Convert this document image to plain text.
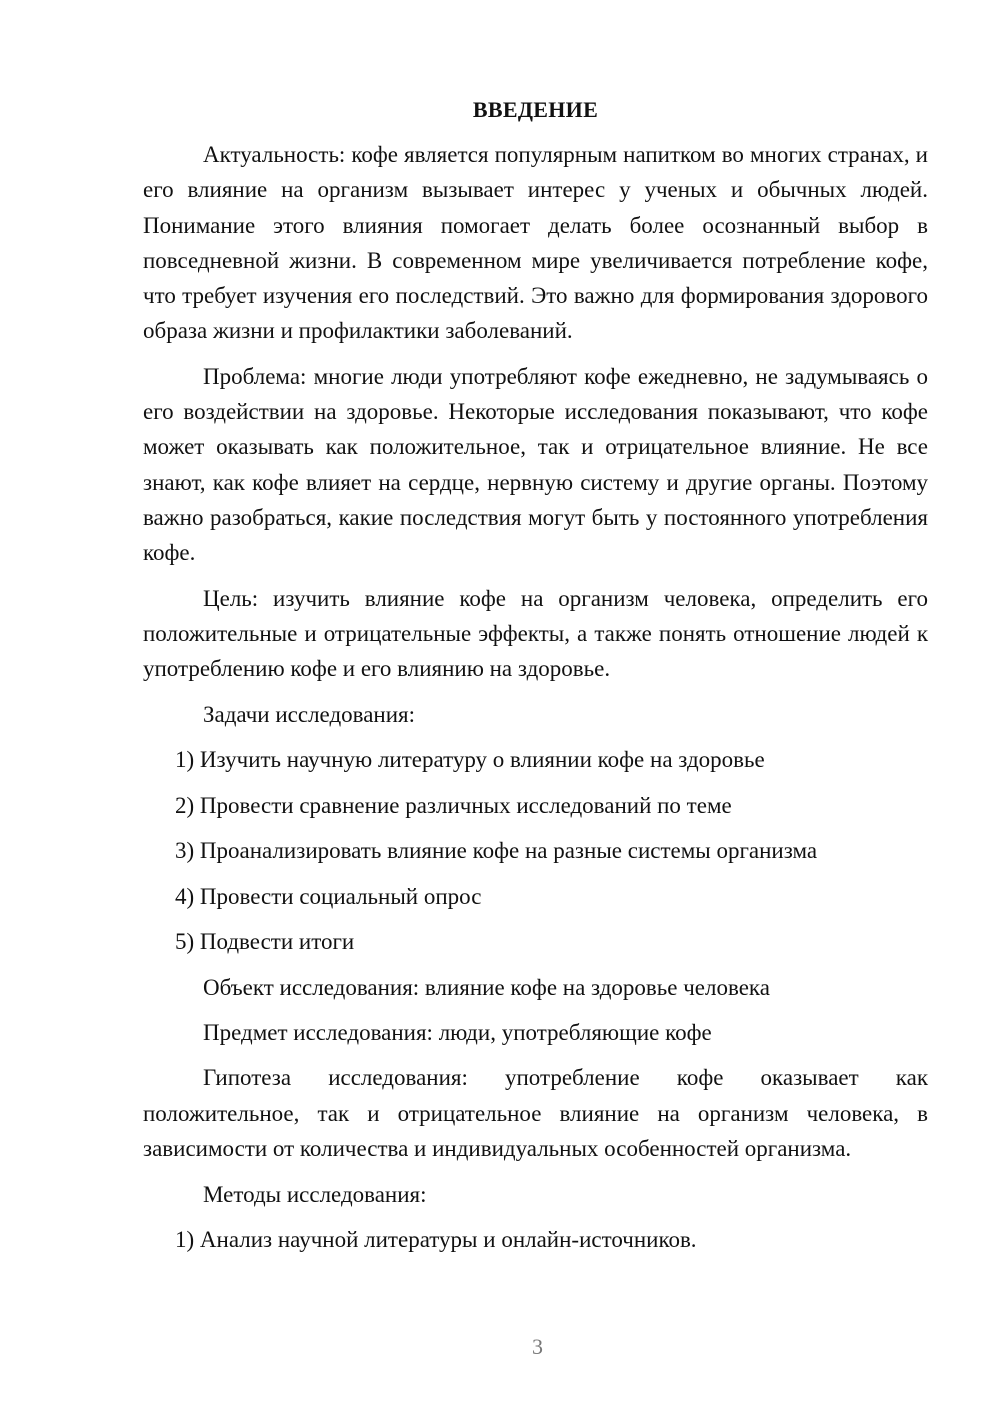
ВВЕДЕНИЕ

Актуальность: кофе является популярным напитком во многих странах, и его влияние на организм вызывает интерес у ученых и обычных людей. Понимание этого влияния помогает делать более осознанный выбор в повседневной жизни. В современном мире увеличивается потребление кофе, что требует изучения его последствий. Это важно для формирования здорового образа жизни и профилактики заболеваний.

Проблема: многие люди употребляют кофе ежедневно, не задумываясь о его воздействии на здоровье. Некоторые исследования показывают, что кофе может оказывать как положительное, так и отрицательное влияние. Не все знают, как кофе влияет на сердце, нервную систему и другие органы. Поэтому важно разобраться, какие последствия могут быть у постоянного употребления кофе.

Цель: изучить влияние кофе на организм человека, определить его положительные и отрицательные эффекты, а также понять отношение людей к употреблению кофе и его влиянию на здоровье.

Задачи исследования:

1) Изучить научную литературу о влиянии кофе на здоровье

2) Провести сравнение различных исследований по теме

3) Проанализировать влияние кофе на разные системы организма

4) Провести социальный опрос

5) Подвести итоги

Объект исследования: влияние кофе на здоровье человека

Предмет исследования: люди, употребляющие кофе

Гипотеза исследования: употребление кофе оказывает как положительное, так и отрицательное влияние на организм человека, в зависимости от количества и индивидуальных особенностей организма.

Методы исследования:

1) Анализ научной литературы и онлайн-источников.

3
